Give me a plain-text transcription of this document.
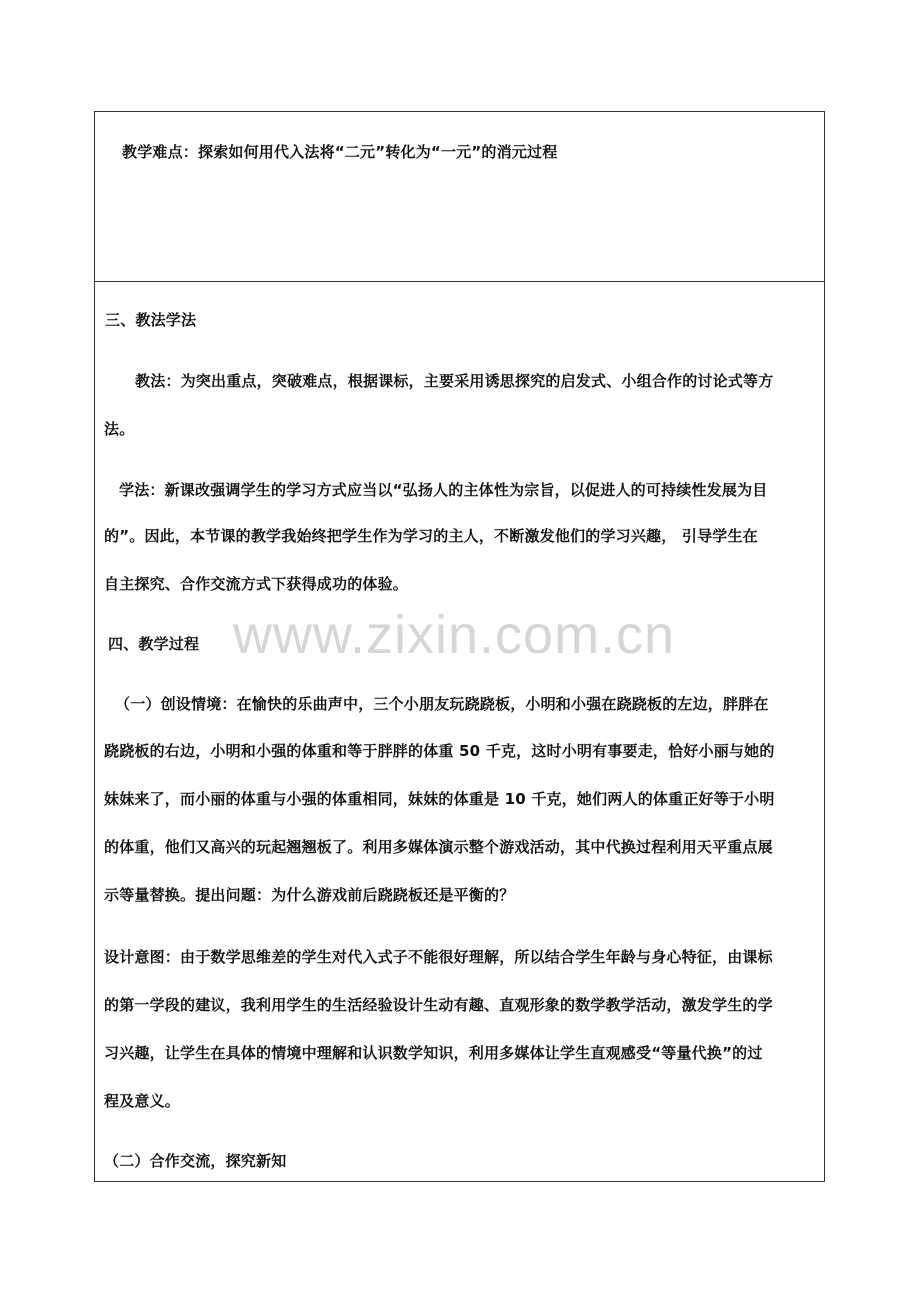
教学难点：探索如何用代入法将“二元”转化为“一元”的消元过程
三、教法学法
教法：为突出重点，突破难点，根据课标，主要采用诱思探究的启发式、小组合作的讨论式等方
法。
学法：新课改强调学生的学习方式应当以“弘扬人的主体性为宗旨，以促进人的可持续性发展为目
的”。因此，本节课的教学我始终把学生作为学习的主人，不断激发他们的学习兴趣， 引导学生在
自主探究、合作交流方式下获得成功的体验。
四、教学过程
（一）创设情境：在愉快的乐曲声中，三个小朋友玩跷跷板，小明和小强在跷跷板的左边，胖胖在
跷跷板的右边，小明和小强的体重和等于胖胖的体重 50 千克，这时小明有事要走，恰好小丽与她的
妹妹来了，而小丽的体重与小强的体重相同，妹妹的体重是 10 千克，她们两人的体重正好等于小明
的体重，他们又高兴的玩起翘翘板了。利用多媒体演示整个游戏活动，其中代换过程利用天平重点展
示等量替换。提出问题：为什么游戏前后跷跷板还是平衡的？
设计意图：由于数学思维差的学生对代入式子不能很好理解，所以结合学生年龄与身心特征，由课标
的第一学段的建议，我利用学生的生活经验设计生动有趣、直观形象的数学教学活动，激发学生的学
习兴趣，让学生在具体的情境中理解和认识数学知识，利用多媒体让学生直观感受“等量代换”的过
程及意义。
（二）合作交流，探究新知
www.zixin.com.cn
